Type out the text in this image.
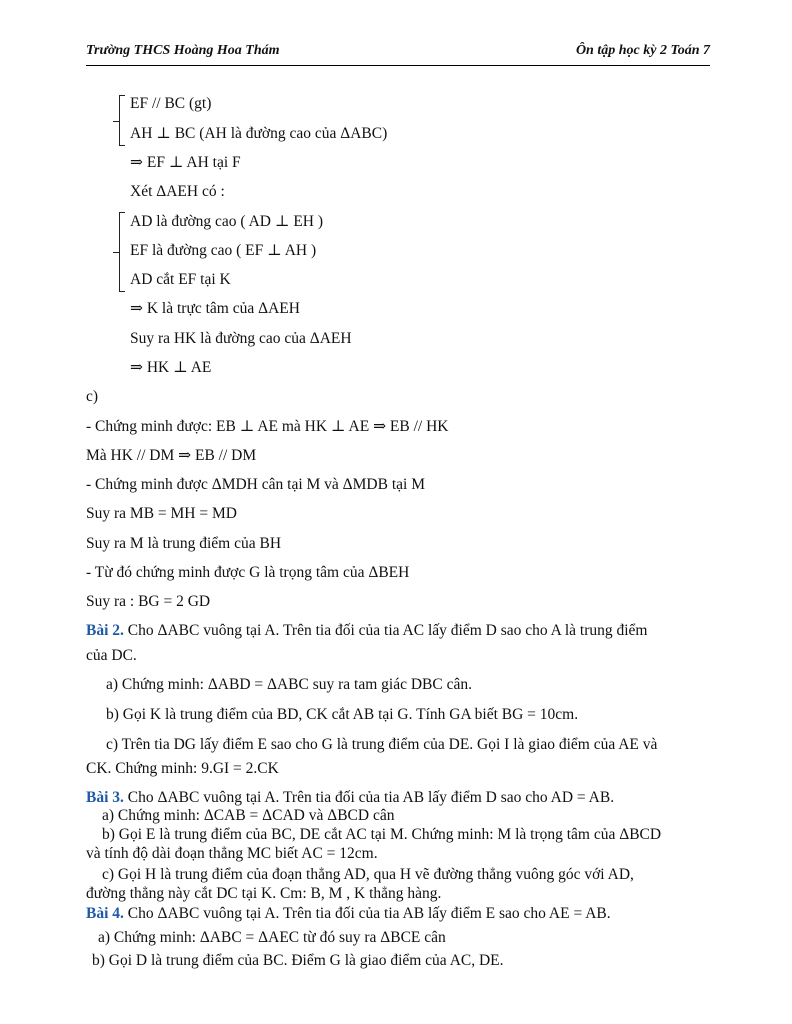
Trường THCS Hoàng Hoa Thám	Ôn tập học kỳ 2 Toán 7
EF // BC (gt)
AH ⊥ BC (AH là đường cao của ΔABC)
⇒ EF ⊥ AH tại F
Xét ΔAEH có :
AD là đường cao ( AD ⊥ EH )
EF là đường cao ( EF ⊥ AH )
AD cắt EF tại K
⇒ K là trực tâm của ΔAEH
Suy ra HK là đường cao của ΔAEH
⇒ HK ⊥ AE
c)
- Chứng minh được: EB ⊥ AE mà HK ⊥ AE ⇒ EB // HK
Mà HK // DM ⇒ EB // DM
- Chứng minh được ΔMDH cân tại M và ΔMDB tại M
Suy ra MB = MH = MD
Suy ra M là trung điểm của BH
- Từ đó chứng minh được G là trọng tâm của ΔBEH
Suy ra : BG = 2 GD
Bài 2. Cho ΔABC vuông tại A. Trên tia đối của tia AC lấy điểm D sao cho A là trung điểm
của DC.
a) Chứng minh: ΔABD = ΔABC suy ra tam giác DBC cân.
b) Gọi K là trung điểm của BD, CK cắt AB tại G. Tính GA biết BG = 10cm.
c) Trên tia DG lấy điểm E sao cho G là trung điểm của DE. Gọi I là giao điểm của AE và
CK. Chứng minh: 9.GI = 2.CK
Bài 3. Cho ΔABC vuông tại A. Trên tia đối của tia AB lấy điểm D sao cho AD = AB.
a) Chứng minh: ΔCAB = ΔCAD và ΔBCD cân
b) Gọi E là trung điểm của BC, DE cắt AC tại M. Chứng minh: M là trọng tâm của ΔBCD
và tính độ dài đoạn thẳng MC biết AC = 12cm.
c) Gọi H là trung điểm của đoạn thẳng AD, qua H vẽ đường thẳng vuông góc với AD,
đường thẳng này cắt DC tại K. Cm: B, M , K thẳng hàng.
Bài 4. Cho ΔABC vuông tại A. Trên tia đối của tia AB lấy điểm E sao cho AE = AB.
a) Chứng minh: ΔABC = ΔAEC từ đó suy ra ΔBCE cân
b) Gọi D là trung điểm của BC. Điểm G là giao điểm của AC, DE.
